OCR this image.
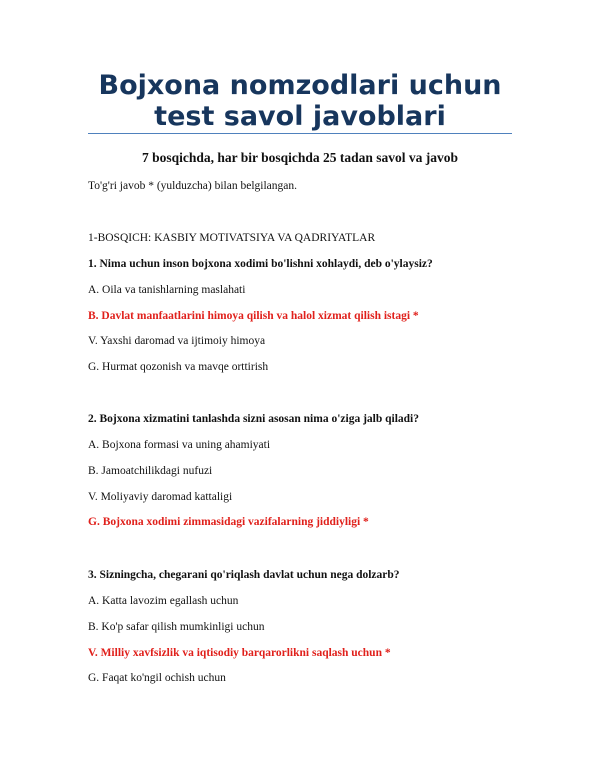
Bojxona nomzodlari uchun
test savol javoblari
7 bosqichda, har bir bosqichda 25 tadan savol va javob
To'g'ri javob * (yulduzcha) bilan belgilangan.
1-BOSQICH: KASBIY MOTIVATSIYA VA QADRIYATLAR
1. Nima uchun inson bojxona xodimi bo'lishni xohlaydi, deb o'ylaysiz?
A. Oila va tanishlarning maslahati
B. Davlat manfaatlarini himoya qilish va halol xizmat qilish istagi *
V. Yaxshi daromad va ijtimoiy himoya
G. Hurmat qozonish va mavqe orttirish
2. Bojxona xizmatini tanlashda sizni asosan nima o'ziga jalb qiladi?
A. Bojxona formasi va uning ahamiyati
B. Jamoatchilikdagi nufuzi
V. Moliyaviy daromad kattaligi
G. Bojxona xodimi zimmasidagi vazifalarning jiddiyligi *
3. Sizningcha, chegarani qo'riqlash davlat uchun nega dolzarb?
A. Katta lavozim egallash uchun
B. Ko'p safar qilish mumkinligi uchun
V. Milliy xavfsizlik va iqtisodiy barqarorlikni saqlash uchun *
G. Faqat ko'ngil ochish uchun
